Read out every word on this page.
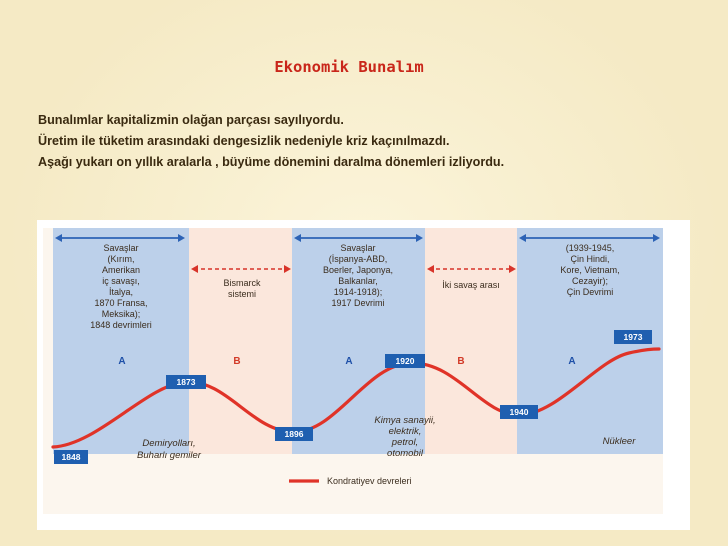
Ekonomik Bunalım
Bunalımlar kapitalizmin olağan parçası sayılıyordu.
Üretim ile tüketim arasındaki dengesizlik nedeniyle kriz kaçınılmazdı.
Aşağı yukarı on yıllık aralarla , büyüme dönemini daralma dönemleri izliyordu.
Savaşlar
(Kırım,
Amerikan
iç savaşı,
İtalya,
1870 Fransa,
Meksika);
1848 devrimleri
Bismarck
sistemi
Savaşlar
(İspanya-ABD,
Boerler, Japonya,
Balkanlar,
1914-1918);
1917 Devrimi
İki savaş arası
(1939-1945,
Çin Hindi,
Kore, Vietnam,
Cezayir);
Çin Devrimi
A	B	A	B	A
1848
1873
1896
1920
1940
1973
Demiryolları,
Buharlı gemiler
Kimya sanayii,
elektrik,
petrol,
otomobil
Nükleer
Kondratiyev devreleri
